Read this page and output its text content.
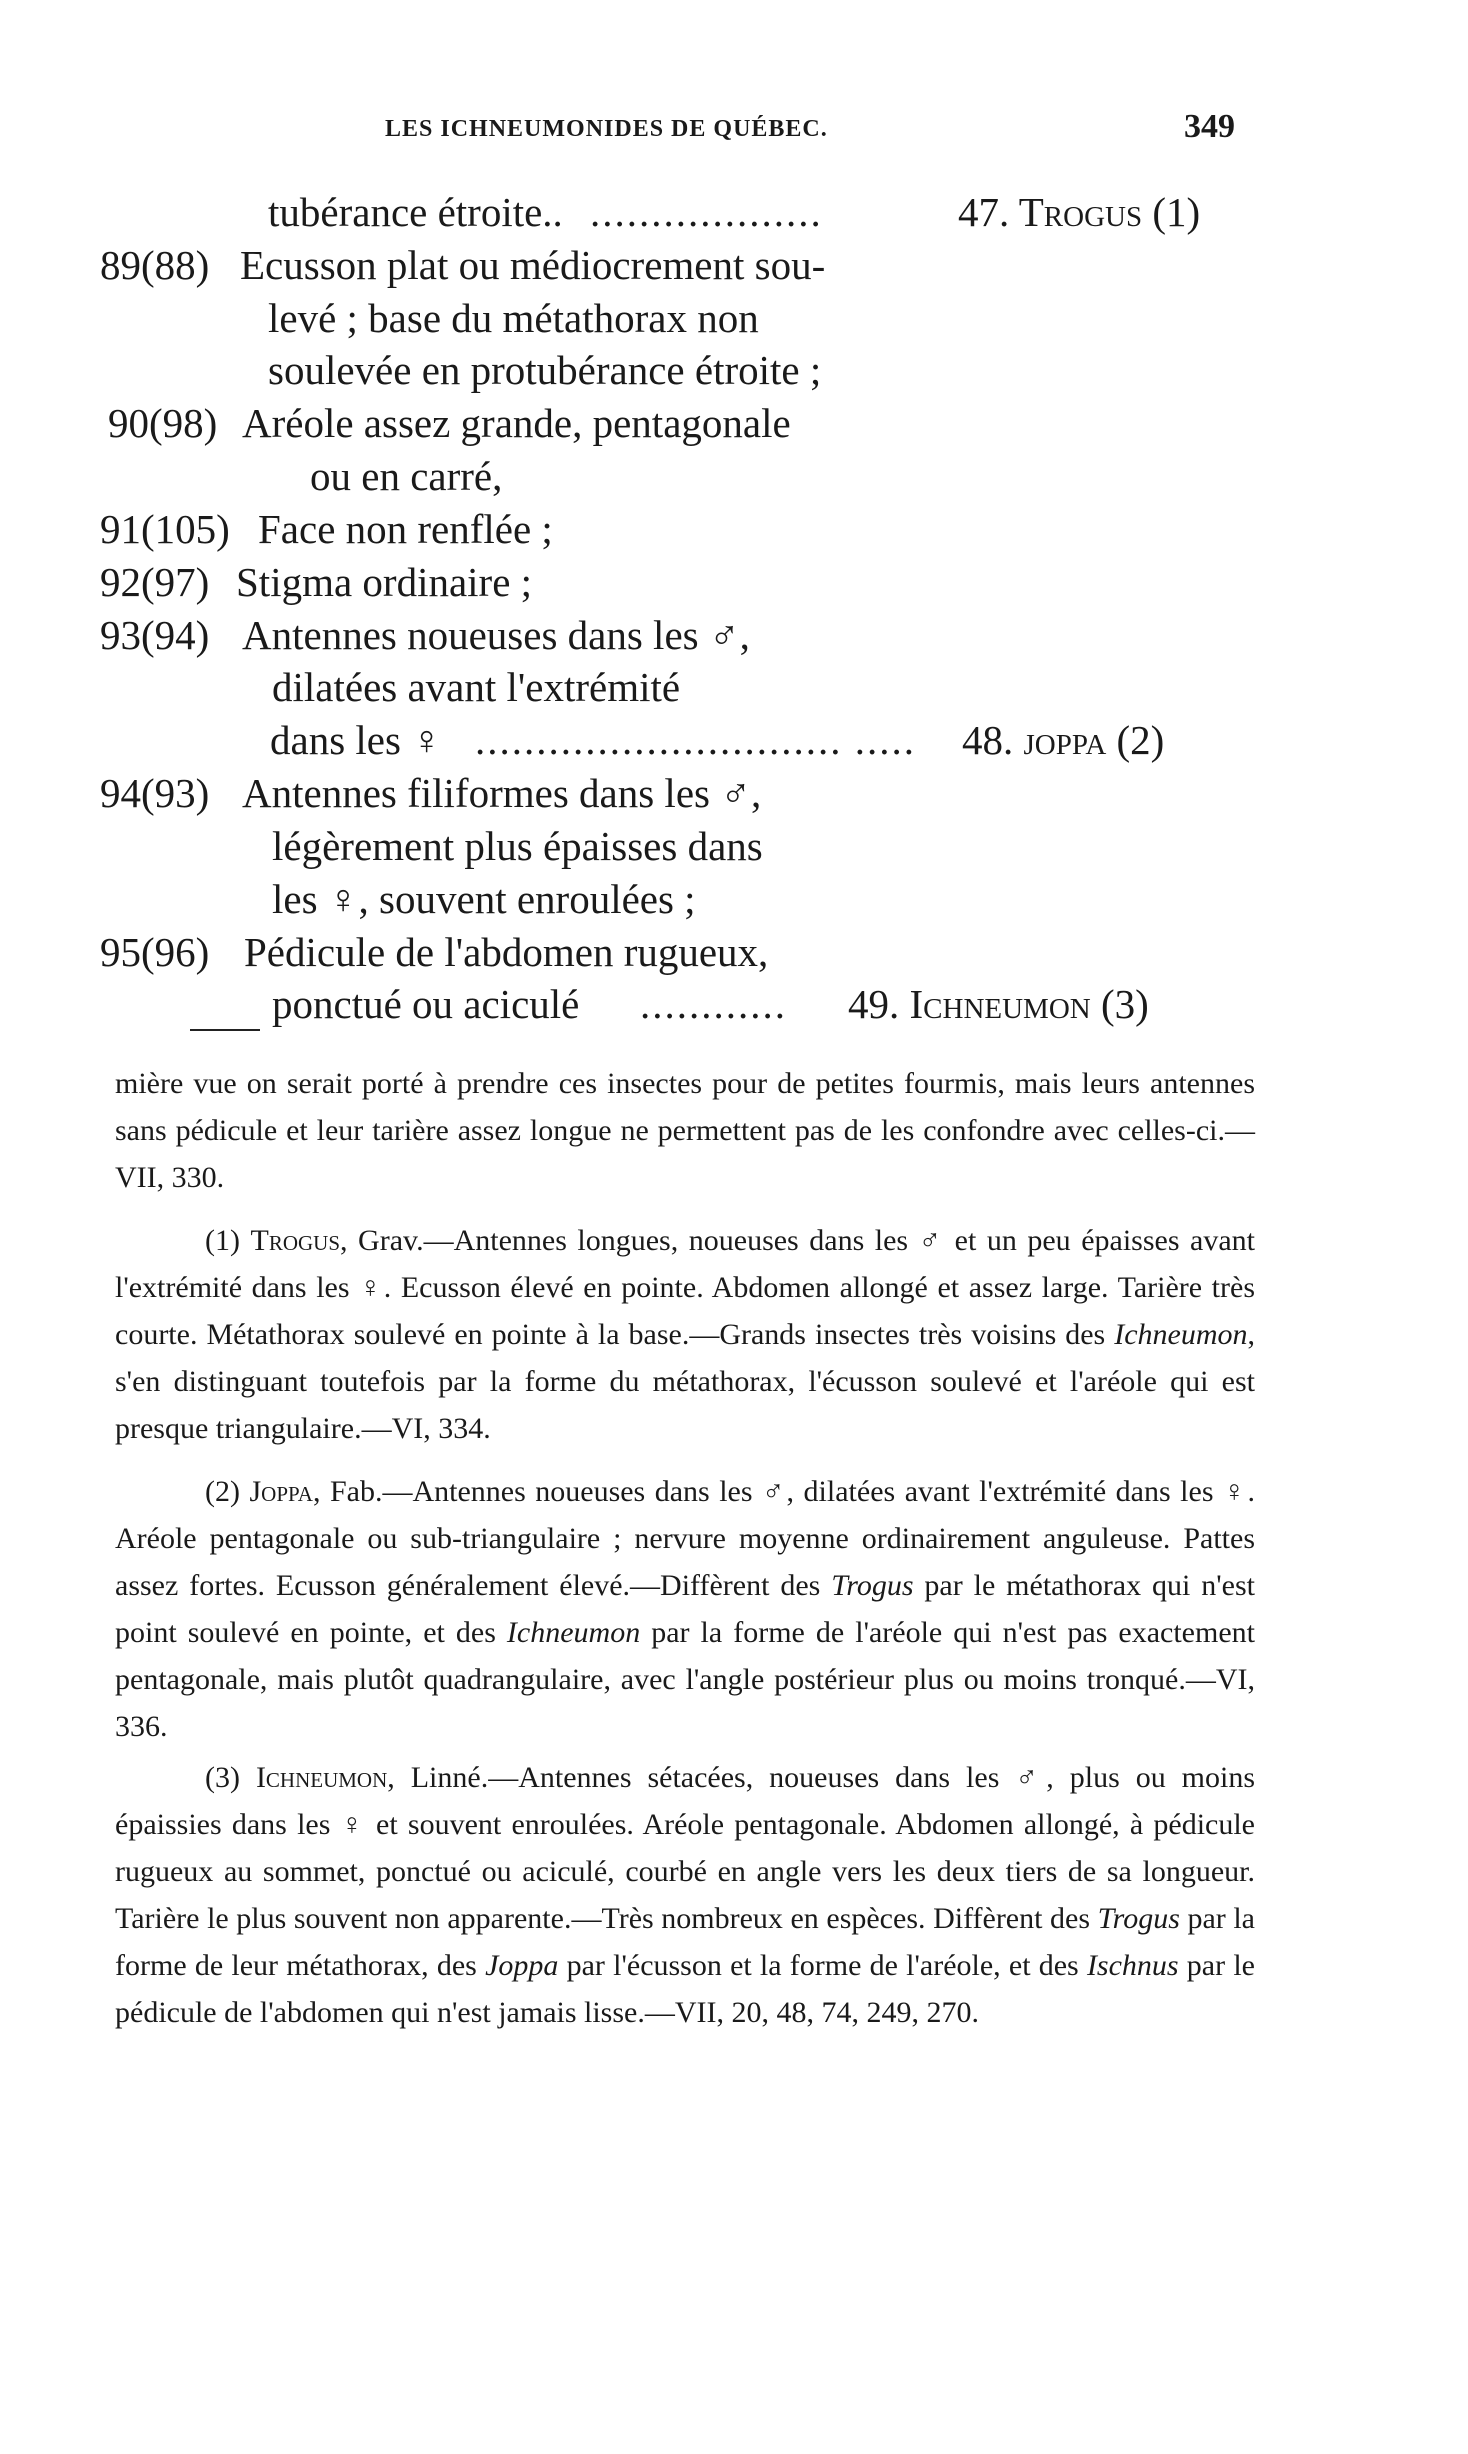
LES ICHNEUMONIDES DE QUÉBEC.	349
tubérance étroite.. ...................	47. Trogus (1)
89(88) Ecusson plat ou médiocrement sou-
levé ; base du métathorax non
soulevée en protubérance étroite ;
90(98) Aréole assez grande, pentagonale
ou en carré,
91(105) Face non renflée ;
92(97) Stigma ordinaire ;
93(94) Antennes noueuses dans les ♂,
dilatées avant l'extrémité
dans les ♀ .............................. ..... 48. joppa (2)
94(93) Antennes filiformes dans les ♂,
légèrement plus épaisses dans
les ♀, souvent enroulées ;
95(96) Pédicule de l'abdomen rugueux,
ponctué ou aciculé ............ 49. Ichneumon (3)

mière vue on serait porté à prendre ces insectes pour de petites fourmis, mais leurs antennes sans pédicule et leur tarière assez longue ne permettent pas de les confondre avec celles-ci.—VII, 330.

(1) Trogus, Grav.—Antennes longues, noueuses dans les ♂ et un peu épaisses avant l'extrémité dans les ♀. Ecusson élevé en pointe. Abdomen allongé et assez large. Tarière très courte. Métathorax soulevé en pointe à la base.—Grands insectes très voisins des Ichneumon, s'en distinguant toutefois par la forme du métathorax, l'écusson soulevé et l'aréole qui est presque triangulaire.—VI, 334.

(2) Joppa, Fab.—Antennes noueuses dans les ♂, dilatées avant l'extrémité dans les ♀. Aréole pentagonale ou sub-triangulaire ; nervure moyenne ordinairement anguleuse. Pattes assez fortes. Ecusson généralement élevé.—Diffèrent des Trogus par le métathorax qui n'est point soulevé en pointe, et des Ichneumon par la forme de l'aréole qui n'est pas exactement pentagonale, mais plutôt quadrangulaire, avec l'angle postérieur plus ou moins tronqué.—VI, 336.

(3) Ichneumon, Linné.—Antennes sétacées, noueuses dans les ♂, plus ou moins épaissies dans les ♀ et souvent enroulées. Aréole pentagonale. Abdomen allongé, à pédicule rugueux au sommet, ponctué ou aciculé, courbé en angle vers les deux tiers de sa longueur. Tarière le plus souvent non apparente.—Très nombreux en espèces. Diffèrent des Trogus par la forme de leur métathorax, des Joppa par l'écusson et la forme de l'aréole, et des Ischnus par le pédicule de l'abdomen qui n'est jamais lisse.—VII, 20, 48, 74, 249, 270.
